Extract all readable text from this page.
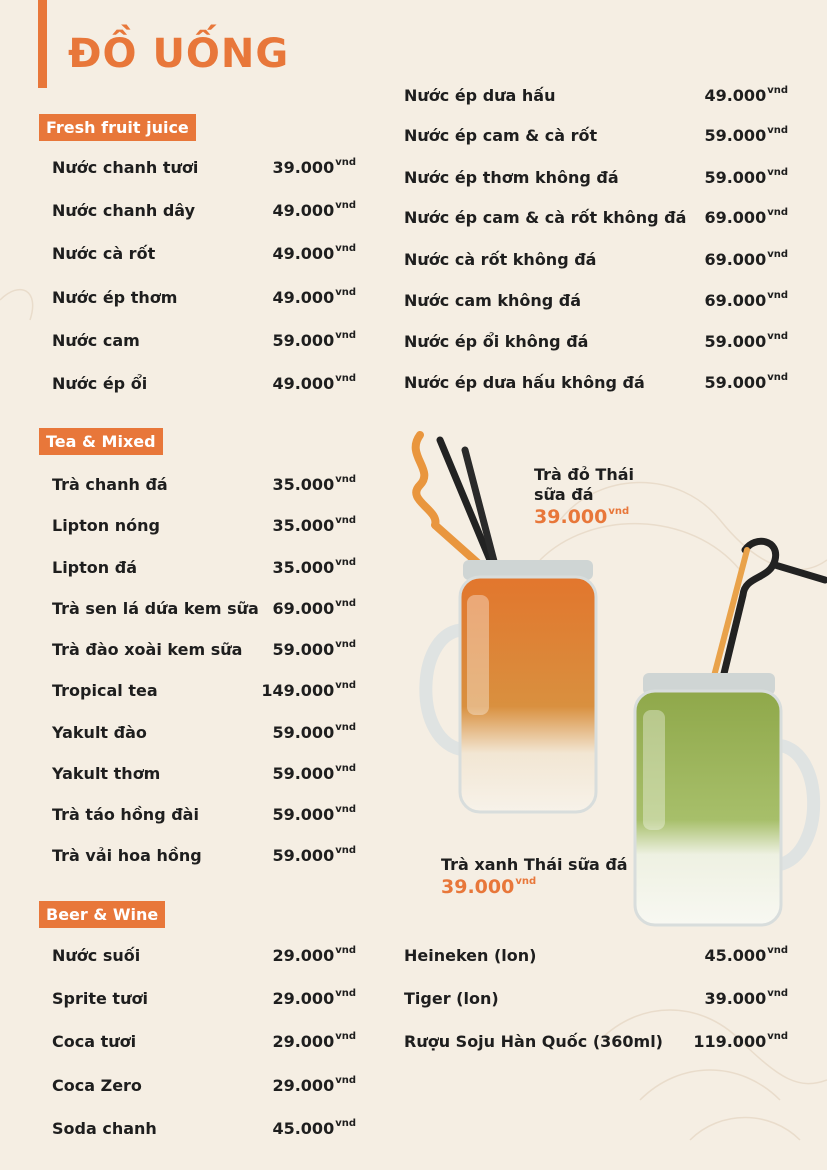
ĐỒ UỐNG
Fresh fruit juice
Tea & Mixed
Beer & Wine
Nước chanh tươi	$39.000^{vnd}$
Nước chanh dây	$49.000^{vnd}$
Nước cà rốt	$49.000^{vnd}$
Nước ép thơm	$49.000^{vnd}$
Nước cam	$59.000^{vnd}$
Nước ép ổi	$49.000^{vnd}$
Nước ép dưa hấu	$49.000^{vnd}$
Nước ép cam & cà rốt	$59.000^{vnd}$
Nước ép thơm không đá	$59.000^{vnd}$
Nước ép cam & cà rốt không đá $69.000^{vnd}$
Nước cà rốt không đá	$69.000^{vnd}$
Nước cam không đá	$69.000^{vnd}$
Nước ép ổi không đá	$59.000^{vnd}$
Nước ép dưa hấu không đá	$59.000^{vnd}$
Trà chanh đá	$35.000^{vnd}$
Lipton nóng	$35.000^{vnd}$
Lipton đá	$35.000^{vnd}$
Trà sen lá dứa kem sữa $69.000^{vnd}$
Trà đào xoài kem sữa $59.000^{vnd}$
Tropical tea	$149.000^{vnd}$
Yakult đào	$59.000^{vnd}$
Yakult thơm	$59.000^{vnd}$
Trà táo hồng đài	$59.000^{vnd}$
Trà vải hoa hồng	$59.000^{vnd}$
Nước suối	$29.000^{vnd}$
Sprite tươi	$29.000^{vnd}$
Coca tươi	$29.000^{vnd}$
Coca Zero	$29.000^{vnd}$
Soda chanh	$45.000^{vnd}$
Heineken (lon)	$45.000^{vnd}$
Tiger (lon)	$39.000^{vnd}$
Rượu Soju Hàn Quốc (360ml) $119.000^{vnd}$
Trà đỏ Thái
sữa đá
$39.000^{vnd}$
Trà xanh Thái sữa đá
$39.000^{vnd}$
